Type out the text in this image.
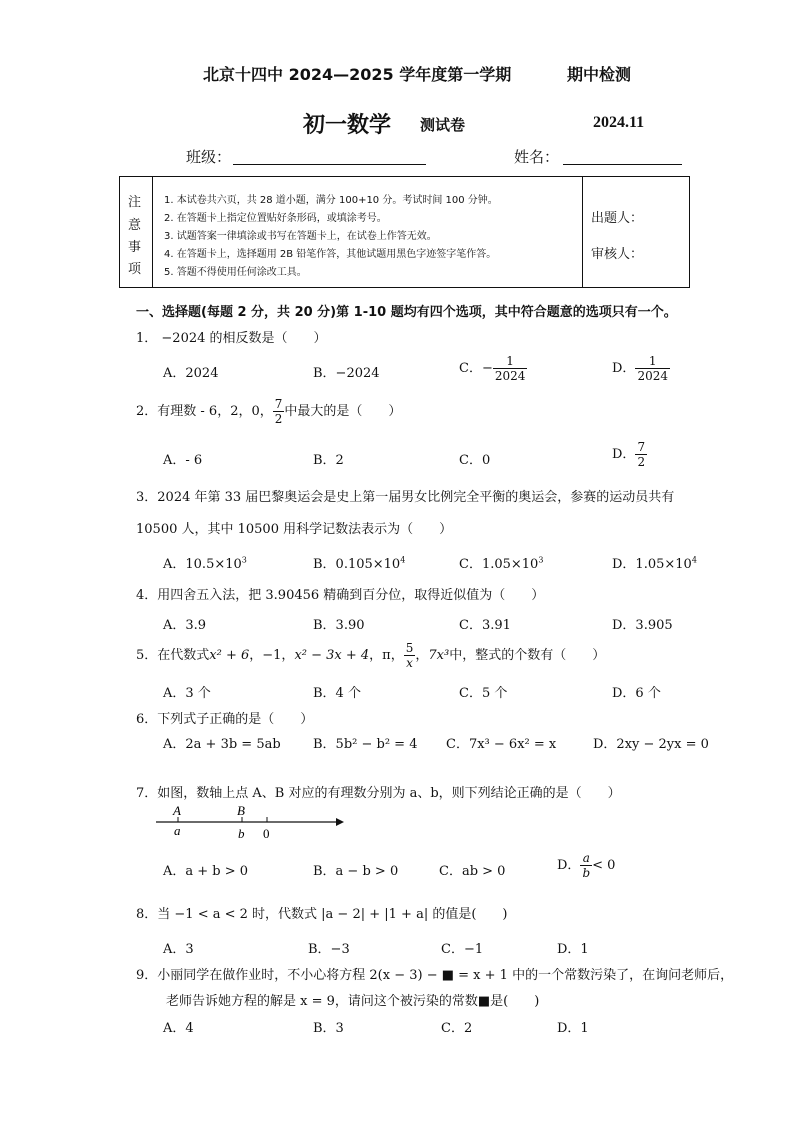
北京十四中 2024—2025 学年度第一学期	期中检测
初一数学 测试卷	2024.11
班级：	姓名：
注
意
事
项
1. 本试卷共六页，共 28 道小题，满分 100+10 分。考试时间 100 分钟。
2. 在答题卡上指定位置贴好条形码，或填涂考号。
3. 试题答案一律填涂或书写在答题卡上，在试卷上作答无效。
4. 在答题卡上，选择题用 2B 铅笔作答，其他试题用黑色字迹签字笔作答。
5. 答题不得使用任何涂改工具。
出题人：
审核人：
一、选择题(每题 2 分，共 20 分)第 1-10 题均有四个选项，其中符合题意的选项只有一个。
1． −2024 的相反数是（　　）
A．2024	B．−2024	C．− $\frac{1}{2024}$	D． $\frac{1}{2024}$
2．有理数 - 6，2，0， $\frac{7}{2}$ 中最大的是（　　）
A．- 6	B．2	C．0	D． $\frac{7}{2}$
3．2024 年第 33 届巴黎奥运会是史上第一届男女比例完全平衡的奥运会，参赛的运动员共有
10500 人，其中 10500 用科学记数法表示为（　　）
A．$10.5\times 10^3$	B．$0.105\times 10^4$	C．$1.05\times 10^3$	D．$1.05\times 10^4$
4．用四舍五入法，把 3.90456 精确到百分位，取得近似值为（　　）
A．3.9	B．3.90	C．3.91	D．3.905
5．在代数式x² + 6，−1，x² − 3x + 4，π， $\frac{5}{x}$ ，7x³中，整式的个数有（　　）
A．3 个	B．4 个	C．5 个	D．6 个
6．下列式子正确的是（　　）
A．2a + 3b = 5ab B．5b² − b² = 4 C．7x³ − 6x² = x	D．2xy − 2yx = 0
7．如图，数轴上点 A、B 对应的有理数分别为 a、b，则下列结论正确的是（　　）
A	B
a	b 0
A．a + b > 0	B．a − b > 0	C．ab > 0	D． $\frac{a}{b} < 0$
8．当 −1 < a < 2 时，代数式 |a − 2| + |1 + a| 的值是(　　)
A．3	B．−3	C．−1	D．1
9．小丽同学在做作业时，不小心将方程 2(x − 3) − ■ = x + 1 中的一个常数污染了，在询问老师后，
老师告诉她方程的解是 x = 9，请问这个被污染的常数■是(　　)
A．4	B．3	C．2	D．1
